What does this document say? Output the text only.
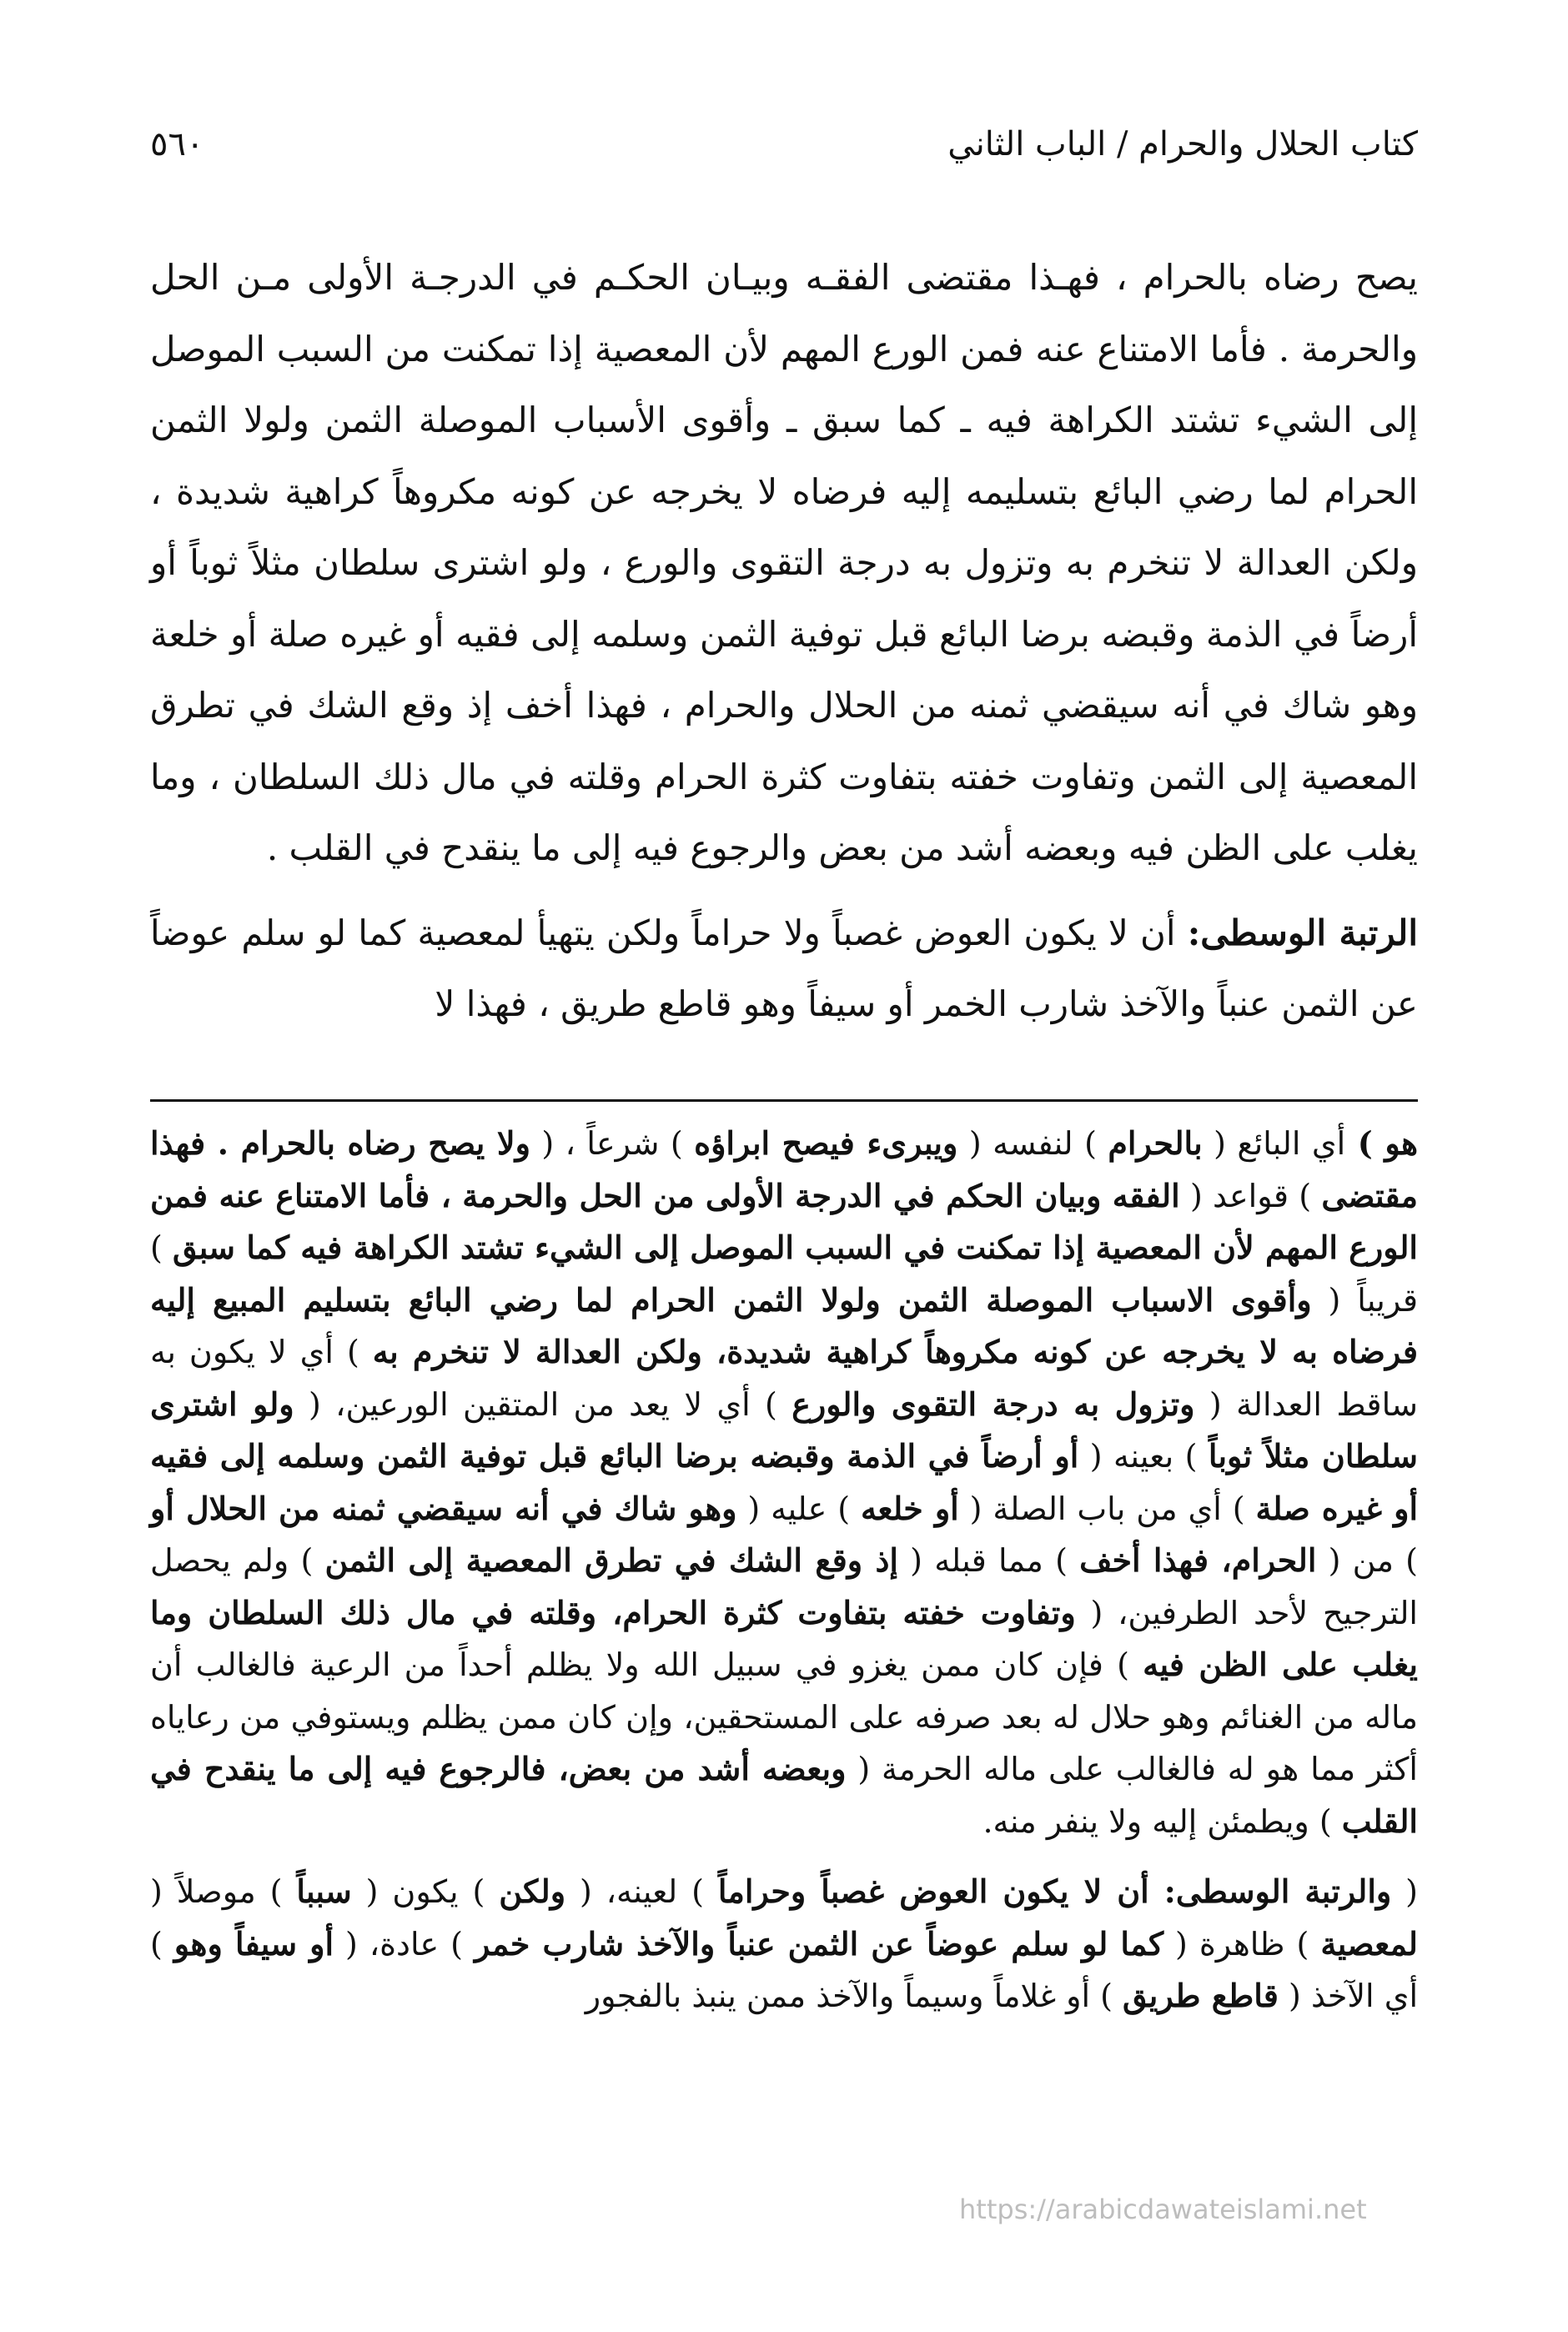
كتاب الحلال والحرام / الباب الثاني
٥٦٠

يصح رضاه بالحرام ، فهـذا مقتضى الفقـه وبيـان الحكـم في الدرجـة الأولى مـن الحل والحرمة . فأما الامتناع عنه فمن الورع المهم لأن المعصية إذا تمكنت من السبب الموصل إلى الشيء تشتد الكراهة فيه ـ كما سبق ـ وأقوى الأسباب الموصلة الثمن ولولا الثمن الحرام لما رضي البائع بتسليمه إليه فرضاه لا يخرجه عن كونه مكروهاً كراهية شديدة ، ولكن العدالة لا تنخرم به وتزول به درجة التقوى والورع ، ولو اشترى سلطان مثلاً ثوباً أو أرضاً في الذمة وقبضه برضا البائع قبل توفية الثمن وسلمه إلى فقيه أو غيره صلة أو خلعة وهو شاك في أنه سيقضي ثمنه من الحلال والحرام ، فهذا أخف إذ وقع الشك في تطرق المعصية إلى الثمن وتفاوت خفته بتفاوت كثرة الحرام وقلته في مال ذلك السلطان ، وما يغلب على الظن فيه وبعضه أشد من بعض والرجوع فيه إلى ما ينقدح في القلب .

الرتبة الوسطى: أن لا يكون العوض غصباً ولا حراماً ولكن يتهيأ لمعصية كما لو سلم عوضاً عن الثمن عنباً والآخذ شارب الخمر أو سيفاً وهو قاطع طريق ، فهذا لا

هو ) أي البائع ( بالحرام ) لنفسه ( ويبرىء فيصح ابراؤه ) شرعاً ، ( ولا يصح رضاه بالحرام . فهذا مقتضى ) قواعد ( الفقه وبيان الحكم في الدرجة الأولى من الحل والحرمة ، فأما الامتناع عنه فمن الورع المهم لأن المعصية إذا تمكنت في السبب الموصل إلى الشيء تشتد الكراهة فيه كما سبق ) قريباً ( وأقوى الاسباب الموصلة الثمن ولولا الثمن الحرام لما رضي البائع بتسليم المبيع إليه فرضاه به لا يخرجه عن كونه مكروهاً كراهية شديدة، ولكن العدالة لا تنخرم به ) أي لا يكون به ساقط العدالة ( وتزول به درجة التقوى والورع ) أي لا يعد من المتقين الورعين، ( ولو اشترى سلطان مثلاً ثوباً ) بعينه ( أو أرضاً في الذمة وقبضه برضا البائع قبل توفية الثمن وسلمه إلى فقيه أو غيره صلة ) أي من باب الصلة ( أو خلعه ) عليه ( وهو شاك في أنه سيقضي ثمنه من الحلال أو ) من ( الحرام، فهذا أخف ) مما قبله ( إذ وقع الشك في تطرق المعصية إلى الثمن ) ولم يحصل الترجيح لأحد الطرفين، ( وتفاوت خفته بتفاوت كثرة الحرام، وقلته في مال ذلك السلطان وما يغلب على الظن فيه ) فإن كان ممن يغزو في سبيل الله ولا يظلم أحداً من الرعية فالغالب أن ماله من الغنائم وهو حلال له بعد صرفه على المستحقين، وإن كان ممن يظلم ويستوفي من رعاياه أكثر مما هو له فالغالب على ماله الحرمة ( وبعضه أشد من بعض، فالرجوع فيه إلى ما ينقدح في القلب ) ويطمئن إليه ولا ينفر منه.

( والرتبة الوسطى: أن لا يكون العوض غصباً وحراماً ) لعينه، ( ولكن ) يكون ( سبباً ) موصلاً ( لمعصية ) ظاهرة ( كما لو سلم عوضاً عن الثمن عنباً والآخذ شارب خمر ) عادة، ( أو سيفاً وهو ) أي الآخذ ( قاطع طريق ) أو غلاماً وسيماً والآخذ ممن ينبذ بالفجور

https://arabicdawateislami.net
